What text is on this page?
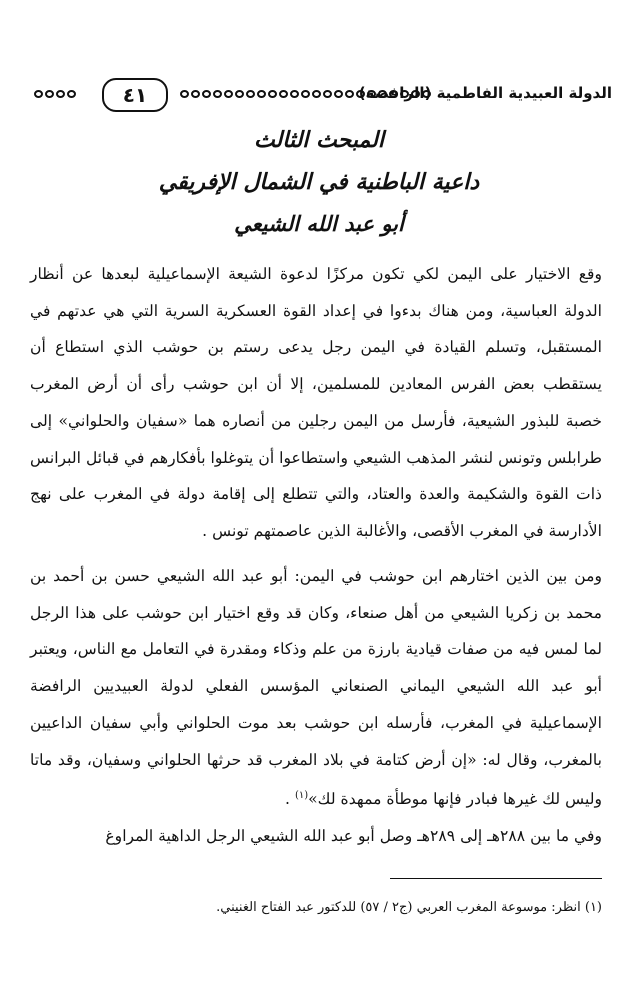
الدولة العبيدية الفاطمية (الرافضة)
٤١
المبحث الثالث
داعية الباطنية في الشمال الإفريقي
أبو عبد الله الشيعي

وقع الاختيار على اليمن لكي تكون مركزًا لدعوة الشيعة الإسماعيلية لبعدها عن أنظار الدولة العباسية، ومن هناك بدءوا في إعداد القوة العسكرية السرية التي هي عدتهم في المستقبل، وتسلم القيادة في اليمن رجل يدعى رستم بن حوشب الذي استطاع أن يستقطب بعض الفرس المعادين للمسلمين، إلا أن ابن حوشب رأى أن أرض المغرب خصبة للبذور الشيعية، فأرسل من اليمن رجلين من أنصاره هما «سفيان والحلواني» إلى طرابلس وتونس لنشر المذهب الشيعي واستطاعوا أن يتوغلوا بأفكارهم في قبائل البرانس ذات القوة والشكيمة والعدة والعتاد، والتي تتطلع إلى إقامة دولة في المغرب على نهج الأدارسة في المغرب الأقصى، والأغالبة الذين عاصمتهم تونس .

ومن بين الذين اختارهم ابن حوشب في اليمن: أبو عبد الله الشيعي حسن بن أحمد بن محمد بن زكريا الشيعي من أهل صنعاء، وكان قد وقع اختيار ابن حوشب على هذا الرجل لما لمس فيه من صفات قيادية بارزة من علم وذكاء ومقدرة في التعامل مع الناس، ويعتبر أبو عبد الله الشيعي اليماني الصنعاني المؤسس الفعلي لدولة العبيديين الرافضة الإسماعيلية في المغرب، فأرسله ابن حوشب بعد موت الحلواني وأبي سفيان الداعيين بالمغرب، وقال له: «إن أرض كتامة في بلاد المغرب قد حرثها الحلواني وسفيان، وقد ماتا وليس لك غيرها فبادر فإنها موطأة ممهدة لك»$^{(١)}$ .

وفي ما بين ٢٨٨هـ إلى ٢٨٩هـ وصل أبو عبد الله الشيعي الرجل الداهية المراوغ

(١) انظر: موسوعة المغرب العربي (ج٢ / ٥٧) للدكتور عبد الفتاح الغنيني.
